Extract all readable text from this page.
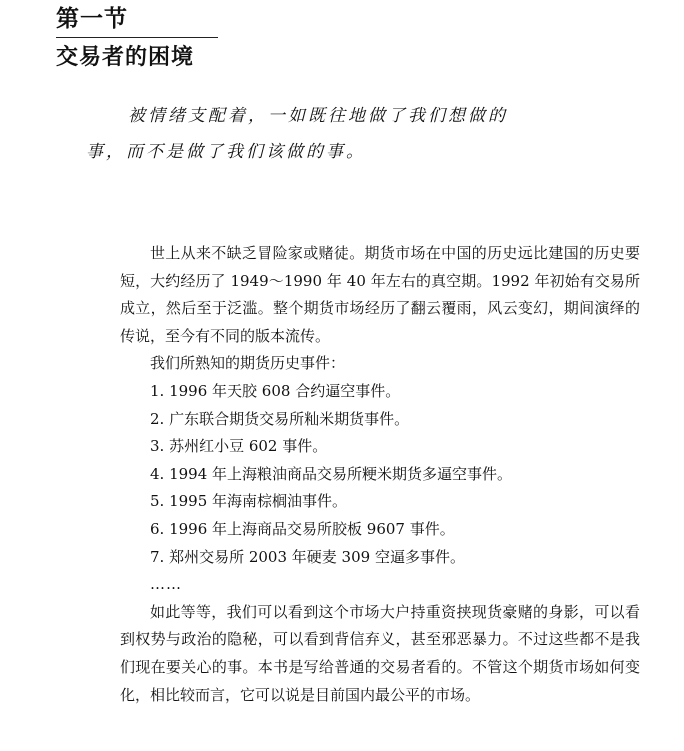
第一节
交易者的困境
被情绪支配着，一如既往地做了我们想做的
事，而不是做了我们该做的事。

世上从来不缺乏冒险家或赌徒。期货市场在中国的历史远比建国的历史要短，大约经历了 1949～1990 年 40 年左右的真空期。1992 年初始有交易所成立，然后至于泛滥。整个期货市场经历了翻云覆雨，风云变幻，期间演绎的传说，至今有不同的版本流传。

我们所熟知的期货历史事件：

1. 1996 年天胶 608 合约逼空事件。
2. 广东联合期货交易所籼米期货事件。
3. 苏州红小豆 602 事件。
4. 1994 年上海粮油商品交易所粳米期货多逼空事件。
5. 1995 年海南棕榈油事件。
6. 1996 年上海商品交易所胶板 9607 事件。
7. 郑州交易所 2003 年硬麦 309 空逼多事件。

……

如此等等，我们可以看到这个市场大户持重资挟现货豪赌的身影，可以看到权势与政治的隐秘，可以看到背信弃义，甚至邪恶暴力。不过这些都不是我们现在要关心的事。本书是写给普通的交易者看的。不管这个期货市场如何变化，相比较而言，它可以说是目前国内最公平的市场。
